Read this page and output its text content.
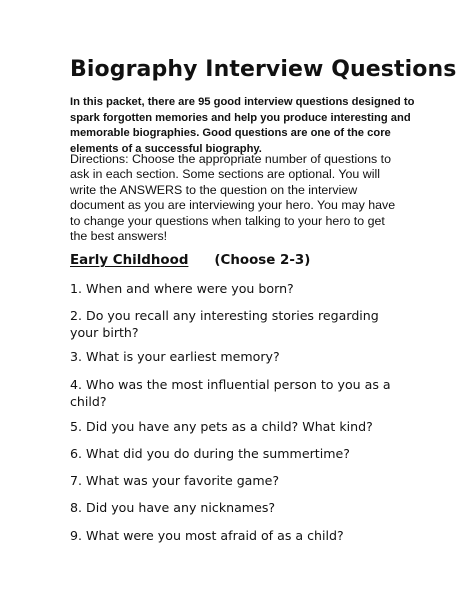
Biography Interview Questions

In this packet, there are 95 good interview questions designed to
spark forgotten memories and help you produce interesting and
memorable biographies. Good questions are one of the core
elements of a successful biography.

Directions: Choose the appropriate number of questions to
ask in each section. Some sections are optional. You will
write the ANSWERS to the question on the interview
document as you are interviewing your hero. You may have
to change your questions when talking to your hero to get
the best answers!

Early Childhood (Choose 2-3)

1. When and where were you born?

2. Do you recall any interesting stories regarding
your birth?

3. What is your earliest memory?

4. Who was the most influential person to you as a
child?

5. Did you have any pets as a child? What kind?

6. What did you do during the summertime?

7. What was your favorite game?

8. Did you have any nicknames?

9. What were you most afraid of as a child?
